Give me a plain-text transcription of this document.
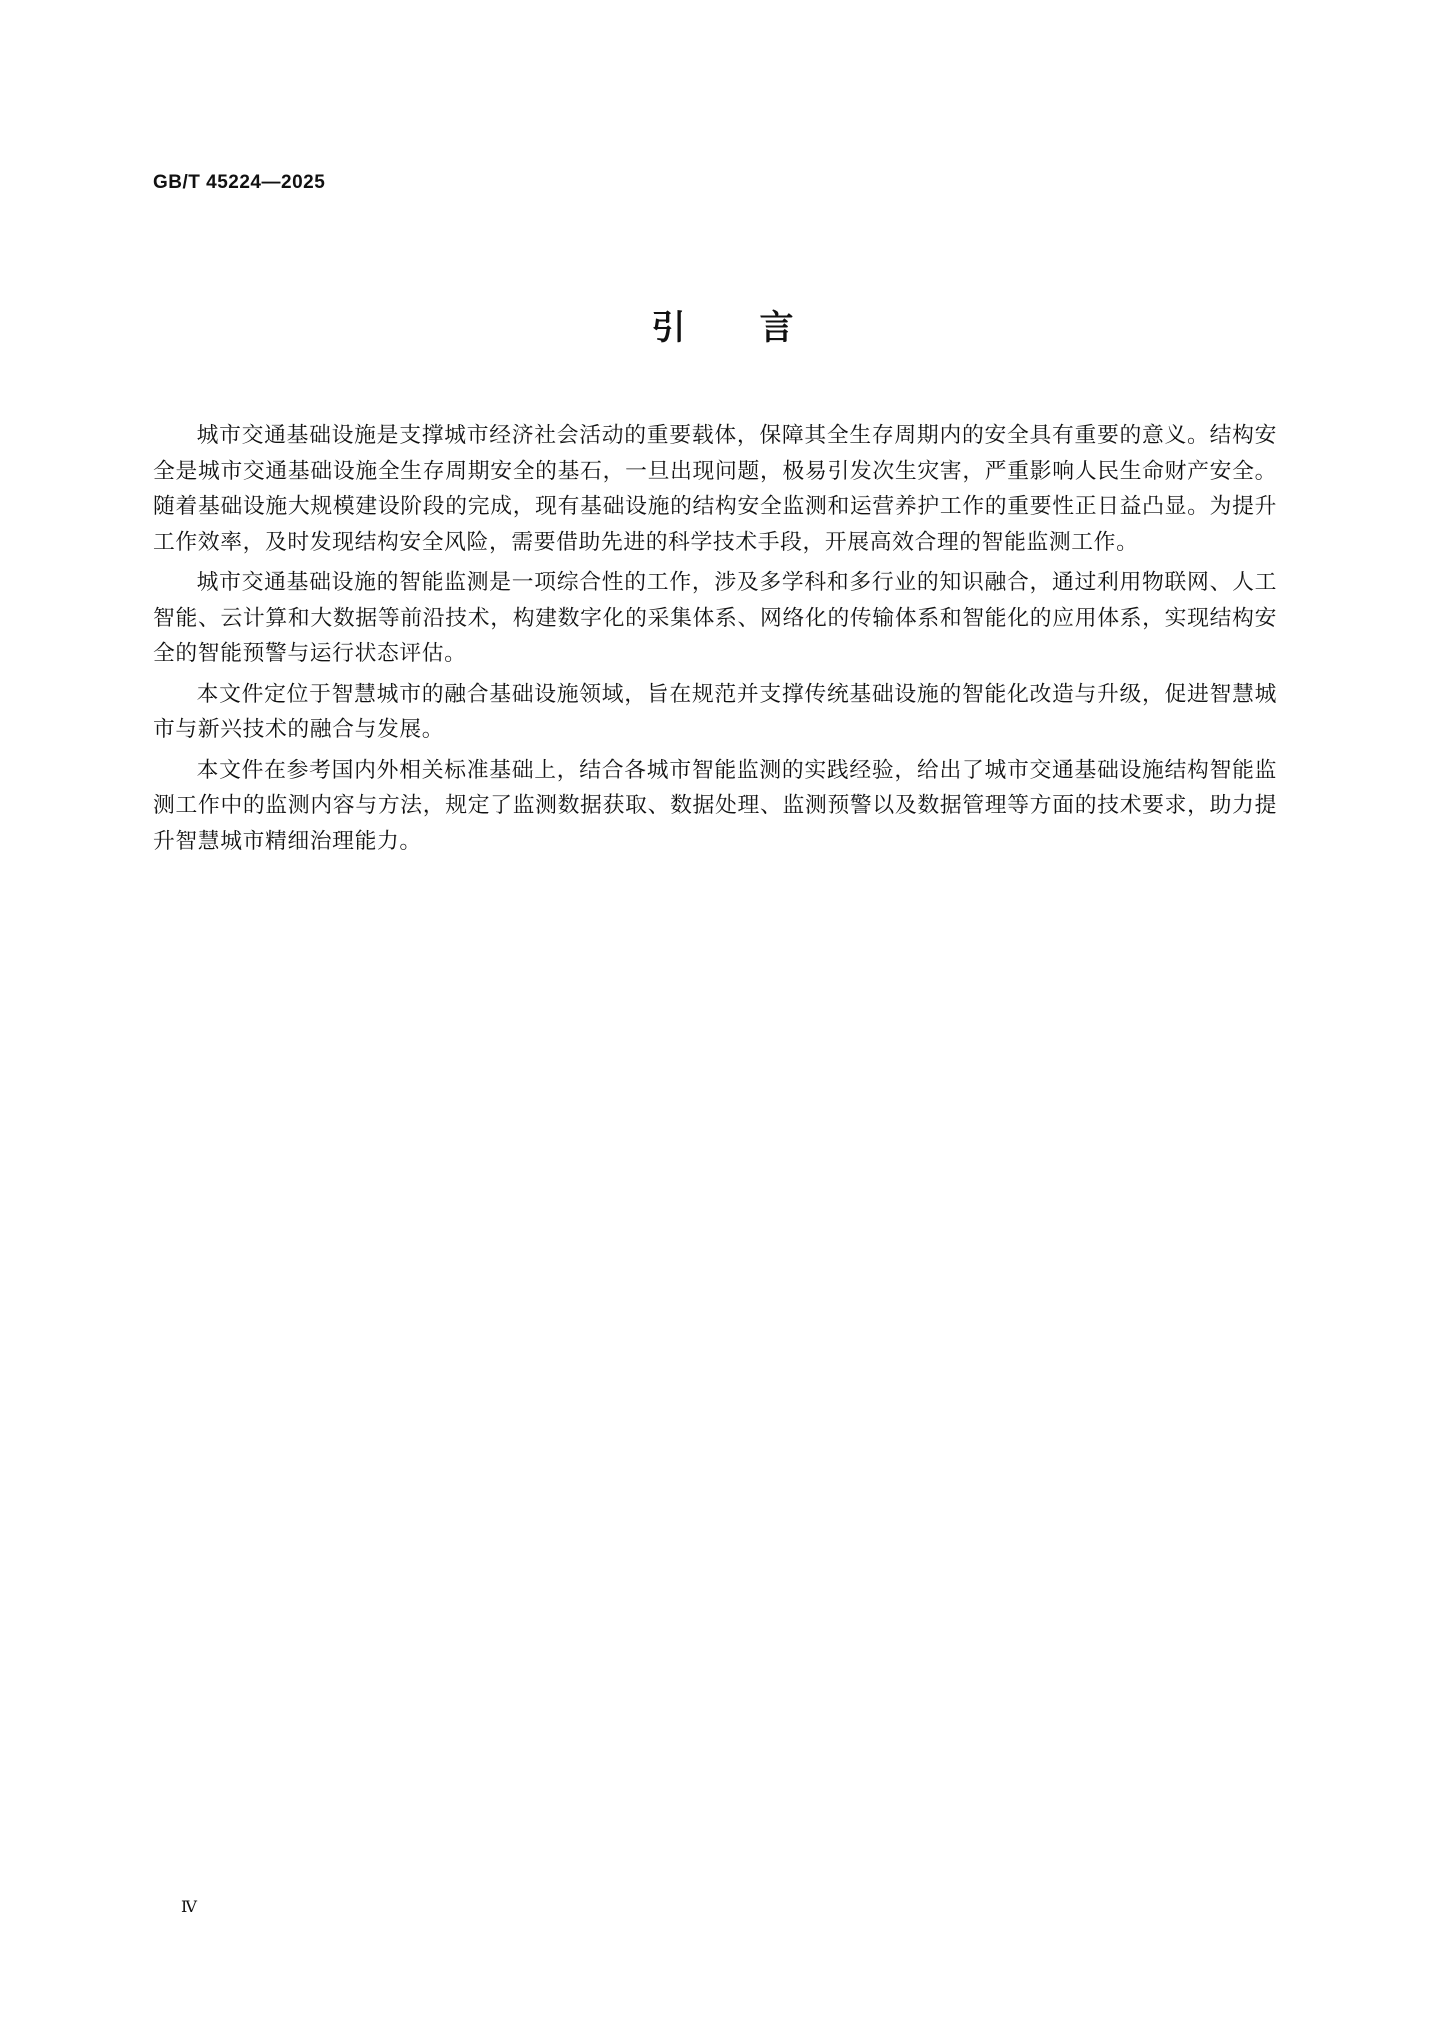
GB/T 45224—2025
引言

城市交通基础设施是支撑城市经济社会活动的重要载体，保障其全生存周期内的安全具有重要的意义。结构安全是城市交通基础设施全生存周期安全的基石，一旦出现问题，极易引发次生灾害，严重影响人民生命财产安全。随着基础设施大规模建设阶段的完成，现有基础设施的结构安全监测和运营养护工作的重要性正日益凸显。为提升工作效率，及时发现结构安全风险，需要借助先进的科学技术手段，开展高效合理的智能监测工作。

城市交通基础设施的智能监测是一项综合性的工作，涉及多学科和多行业的知识融合，通过利用物联网、人工智能、云计算和大数据等前沿技术，构建数字化的采集体系、网络化的传输体系和智能化的应用体系，实现结构安全的智能预警与运行状态评估。

本文件定位于智慧城市的融合基础设施领域，旨在规范并支撑传统基础设施的智能化改造与升级，促进智慧城市与新兴技术的融合与发展。

本文件在参考国内外相关标准基础上，结合各城市智能监测的实践经验，给出了城市交通基础设施结构智能监测工作中的监测内容与方法，规定了监测数据获取、数据处理、监测预警以及数据管理等方面的技术要求，助力提升智慧城市精细治理能力。

Ⅳ
